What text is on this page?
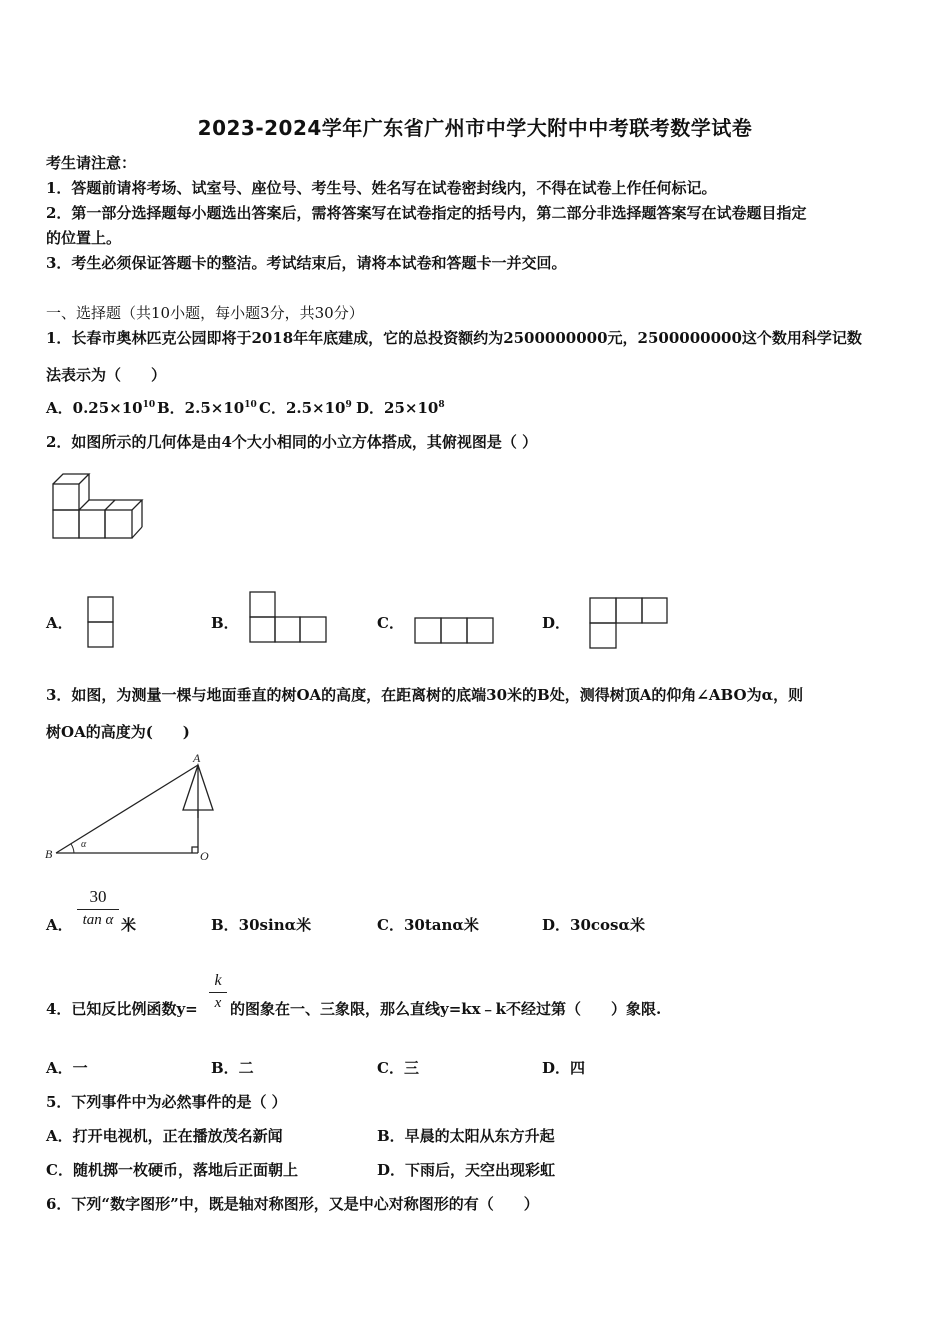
2023-2024学年广东省广州市中学大附中中考联考数学试卷
考生请注意：
1．答题前请将考场、试室号、座位号、考生号、姓名写在试卷密封线内，不得在试卷上作任何标记。
2．第一部分选择题每小题选出答案后，需将答案写在试卷指定的括号内，第二部分非选择题答案写在试卷题目指定
的位置上。
3．考生必须保证答题卡的整洁。考试结束后，请将本试卷和答题卡一并交回。
一、选择题（共10小题，每小题3分，共30分）
1．长春市奥林匹克公园即将于2018年年底建成，它的总投资额约为2500000000元，2500000000这个数用科学记数
法表示为（　　）
A．$0.25\times 10^{10}$ B．$2.5\times 10^{10}$ C．$2.5\times 10^9$ D．$25\times 10^8$
2．如图所示的几何体是由4个大小相同的小立方体搭成，其俯视图是（ ）
A．	B．	C．	D．
3．如图，为测量一棵与地面垂直的树OA的高度，在距离树的底端30米的B处，测得树顶A的仰角∠ABO为α，则
树OA的高度为(　　)
A
B	O
α
A．
30
tan α 米	B．30sinα米	C．30tanα米	D．30cosα米
4．已知反比例函数y=
k
x 的图象在一、三象限，那么直线y=kx﹣k不经过第（　　）象限.
A．一	B．二	C．三	D．四
5．下列事件中为必然事件的是（ ）
A．打开电视机，正在播放茂名新闻	B．早晨的太阳从东方升起
C．随机掷一枚硬币，落地后正面朝上	D．下雨后，天空出现彩虹
6．下列“数字图形”中，既是轴对称图形，又是中心对称图形的有（　　）
